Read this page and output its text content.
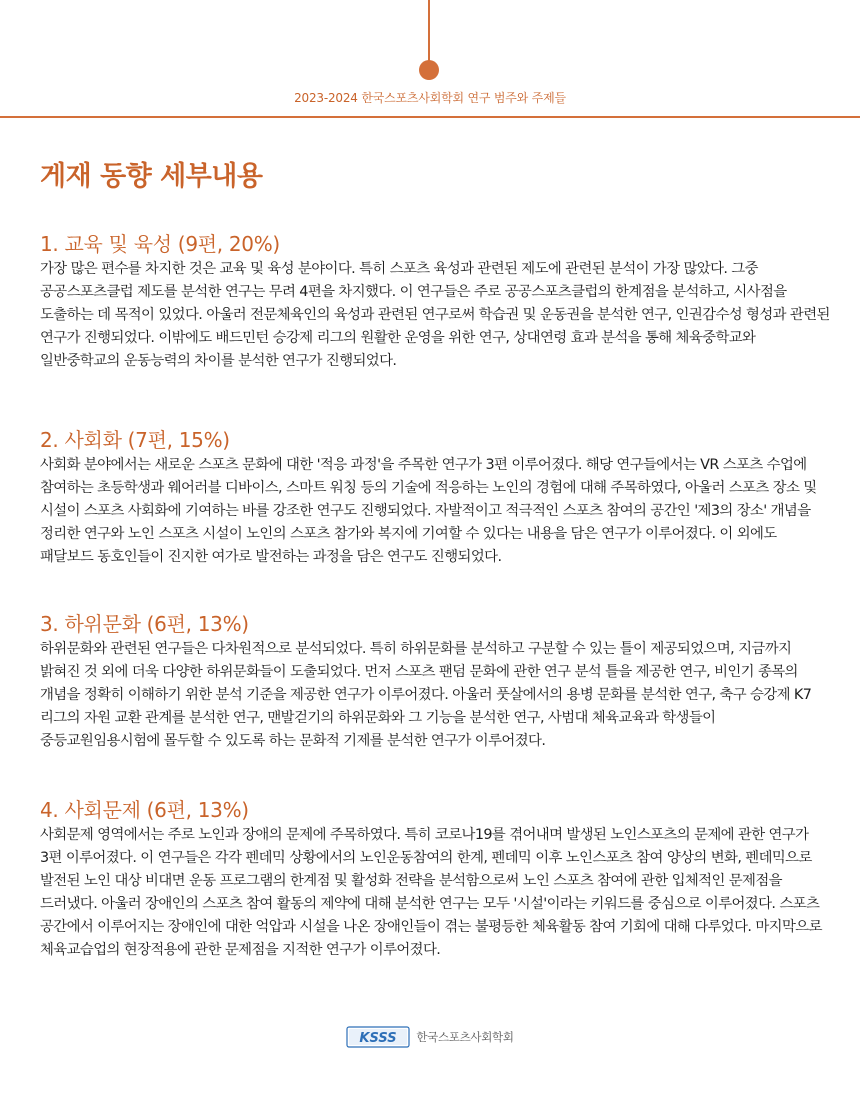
2023-2024 한국스포츠사회학회 연구 범주와 주제들
게재 동향 세부내용
1. 교육 및 육성 (9편, 20%)

가장 많은 편수를 차지한 것은 교육 및 육성 분야이다. 특히 스포츠 육성과 관련된 제도에 관련된 분석이 가장 많았다. 그중 공공스포츠클럽 제도를 분석한 연구는 무려 4편을 차지했다. 이 연구들은 주로 공공스포츠클럽의 한계점을 분석하고, 시사점을 도출하는 데 목적이 있었다. 아울러 전문체육인의 육성과 관련된 연구로써 학습권 및 운동권을 분석한 연구, 인권감수성 형성과 관련된 연구가 진행되었다. 이밖에도 배드민턴 승강제 리그의 원활한 운영을 위한 연구, 상대연령 효과 분석을 통해 체육중학교와 일반중학교의 운동능력의 차이를 분석한 연구가 진행되었다.

2. 사회화 (7편, 15%)

사회화 분야에서는 새로운 스포츠 문화에 대한 '적응 과정'을 주목한 연구가 3편 이루어졌다. 해당 연구들에서는 VR 스포츠 수업에 참여하는 초등학생과 웨어러블 디바이스, 스마트 워칭 등의 기술에 적응하는 노인의 경험에 대해 주목하였다, 아울러 스포츠 장소 및 시설이 스포츠 사회화에 기여하는 바를 강조한 연구도 진행되었다. 자발적이고 적극적인 스포츠 참여의 공간인 '제3의 장소' 개념을 정리한 연구와 노인 스포츠 시설이 노인의 스포츠 참가와 복지에 기여할 수 있다는 내용을 담은 연구가 이루어졌다. 이 외에도 패달보드 동호인들이 진지한 여가로 발전하는 과정을 담은 연구도 진행되었다.

3. 하위문화 (6편, 13%)

하위문화와 관련된 연구들은 다차원적으로 분석되었다. 특히 하위문화를 분석하고 구분할 수 있는 틀이 제공되었으며, 지금까지 밝혀진 것 외에 더욱 다양한 하위문화들이 도출되었다. 먼저 스포츠 팬덤 문화에 관한 연구 분석 틀을 제공한 연구, 비인기 종목의 개념을 정확히 이해하기 위한 분석 기준을 제공한 연구가 이루어졌다. 아울러 풋살에서의 용병 문화를 분석한 연구, 축구 승강제 K7 리그의 자원 교환 관계를 분석한 연구, 맨발걷기의 하위문화와 그 기능을 분석한 연구, 사범대 체육교육과 학생들이 중등교원임용시험에 몰두할 수 있도록 하는 문화적 기제를 분석한 연구가 이루어졌다.

4. 사회문제 (6편, 13%)

사회문제 영역에서는 주로 노인과 장애의 문제에 주목하였다. 특히 코로나19를 겪어내며 발생된 노인스포츠의 문제에 관한 연구가 3편 이루어졌다. 이 연구들은 각각 펜데믹 상황에서의 노인운동참여의 한계, 펜데믹 이후 노인스포츠 참여 양상의 변화, 펜데믹으로 발전된 노인 대상 비대면 운동 프로그램의 한계점 및 활성화 전략을 분석함으로써 노인 스포츠 참여에 관한 입체적인 문제점을 드러냈다. 아울러 장애인의 스포츠 참여 활동의 제약에 대해 분석한 연구는 모두 '시설'이라는 키워드를 중심으로 이루어졌다. 스포츠 공간에서 이루어지는 장애인에 대한 억압과 시설을 나온 장애인들이 겪는 불평등한 체육활동 참여 기회에 대해 다루었다. 마지막으로 체육교습업의 현장적용에 관한 문제점을 지적한 연구가 이루어졌다.

KSSS 한국스포츠사회학회
